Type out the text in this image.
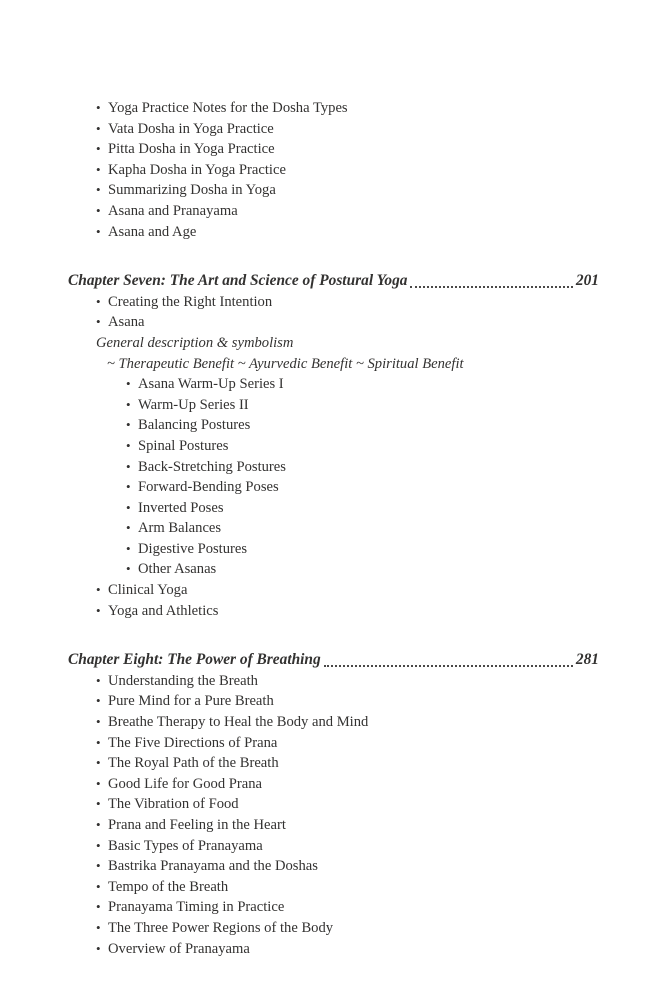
• Yoga Practice Notes for the Dosha Types
• Vata Dosha in Yoga Practice
• Pitta Dosha in Yoga Practice
• Kapha Dosha in Yoga Practice
• Summarizing Dosha in Yoga
• Asana and Pranayama
• Asana and Age
Chapter Seven: The Art and Science of Postural Yoga	201
• Creating the Right Intention
• Asana
General description & symbolism
~ Therapeutic Benefit ~ Ayurvedic Benefit ~ Spiritual Benefit
• Asana Warm-Up Series I
• Warm-Up Series II
• Balancing Postures
• Spinal Postures
• Back-Stretching Postures
• Forward-Bending Poses
• Inverted Poses
• Arm Balances
• Digestive Postures
• Other Asanas
• Clinical Yoga
• Yoga and Athletics
Chapter Eight: The Power of Breathing	281
• Understanding the Breath
• Pure Mind for a Pure Breath
• Breathe Therapy to Heal the Body and Mind
• The Five Directions of Prana
• The Royal Path of the Breath
• Good Life for Good Prana
• The Vibration of Food
• Prana and Feeling in the Heart
• Basic Types of Pranayama
• Bastrika Pranayama and the Doshas
• Tempo of the Breath
• Pranayama Timing in Practice
• The Three Power Regions of the Body
• Overview of Pranayama
